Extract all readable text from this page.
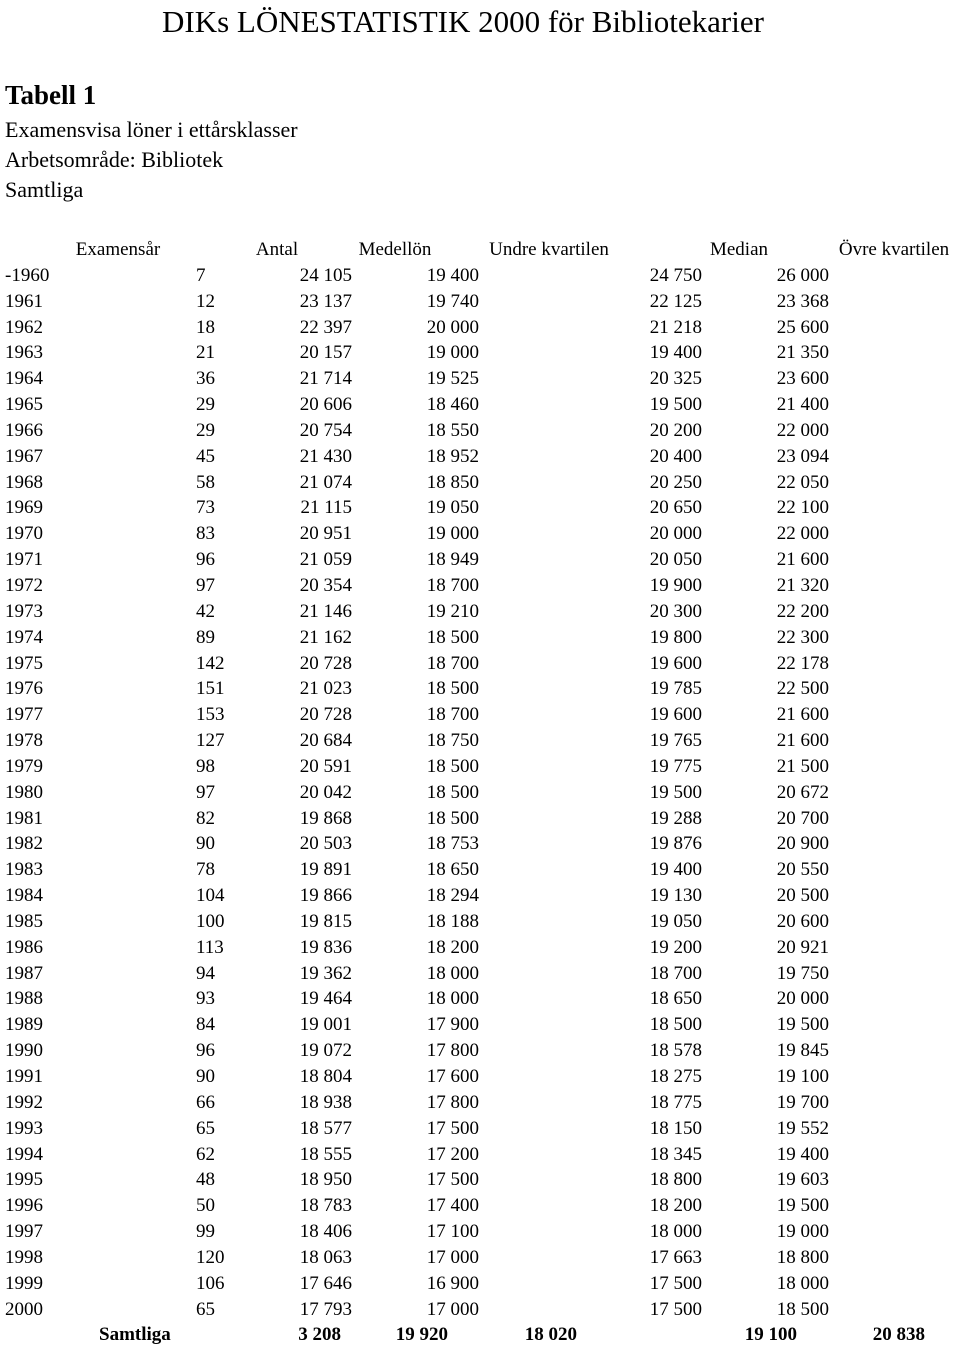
DIKs LÖNESTATISTIK 2000 för Bibliotekarier
Tabell 1
Examensvisa löner i ettårsklasser
Arbetsområde: Bibliotek
Samtliga
Examensår	Antal	Medellön	Undre kvartilen	Median	Övre kvartilen
-1960	7	24 105	19 400	24 750	26 000
1961	12	23 137	19 740	22 125	23 368
1962	18	22 397	20 000	21 218	25 600
1963	21	20 157	19 000	19 400	21 350
1964	36	21 714	19 525	20 325	23 600
1965	29	20 606	18 460	19 500	21 400
1966	29	20 754	18 550	20 200	22 000
1967	45	21 430	18 952	20 400	23 094
1968	58	21 074	18 850	20 250	22 050
1969	73	21 115	19 050	20 650	22 100
1970	83	20 951	19 000	20 000	22 000
1971	96	21 059	18 949	20 050	21 600
1972	97	20 354	18 700	19 900	21 320
1973	42	21 146	19 210	20 300	22 200
1974	89	21 162	18 500	19 800	22 300
1975	142	20 728	18 700	19 600	22 178
1976	151	21 023	18 500	19 785	22 500
1977	153	20 728	18 700	19 600	21 600
1978	127	20 684	18 750	19 765	21 600
1979	98	20 591	18 500	19 775	21 500
1980	97	20 042	18 500	19 500	20 672
1981	82	19 868	18 500	19 288	20 700
1982	90	20 503	18 753	19 876	20 900
1983	78	19 891	18 650	19 400	20 550
1984	104	19 866	18 294	19 130	20 500
1985	100	19 815	18 188	19 050	20 600
1986	113	19 836	18 200	19 200	20 921
1987	94	19 362	18 000	18 700	19 750
1988	93	19 464	18 000	18 650	20 000
1989	84	19 001	17 900	18 500	19 500
1990	96	19 072	17 800	18 578	19 845
1991	90	18 804	17 600	18 275	19 100
1992	66	18 938	17 800	18 775	19 700
1993	65	18 577	17 500	18 150	19 552
1994	62	18 555	17 200	18 345	19 400
1995	48	18 950	17 500	18 800	19 603
1996	50	18 783	17 400	18 200	19 500
1997	99	18 406	17 100	18 000	19 000
1998	120	18 063	17 000	17 663	18 800
1999	106	17 646	16 900	17 500	18 000
2000	65	17 793	17 000	17 500	18 500
Samtliga	3 208	19 920	18 020	19 100	20 838
